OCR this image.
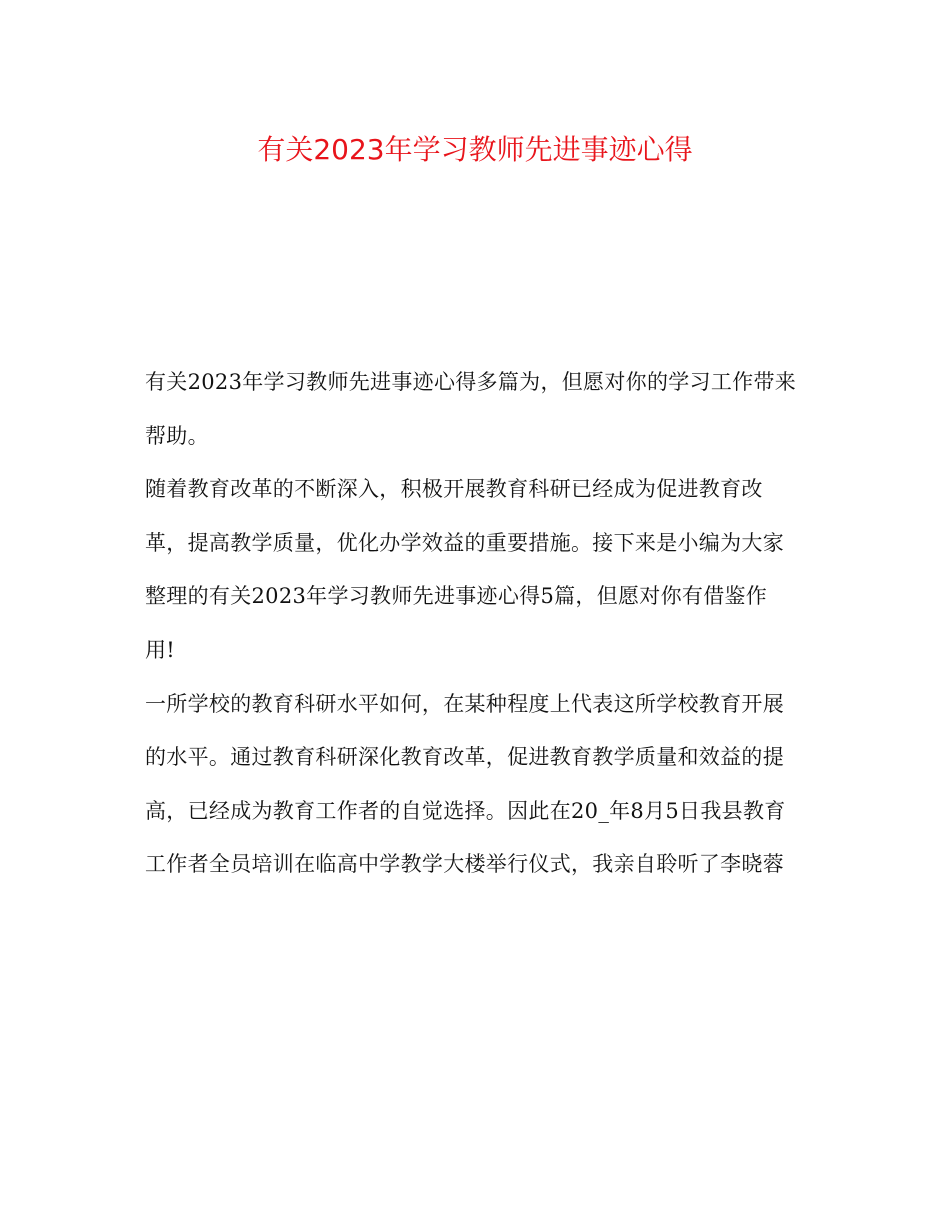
有关2023年学习教师先进事迹心得
有关2023年学习教师先进事迹心得多篇为，但愿对你的学习工作带来
帮助。
随着教育改革的不断深入，积极开展教育科研已经成为促进教育改
革，提高教学质量，优化办学效益的重要措施。接下来是小编为大家
整理的有关2023年学习教师先进事迹心得5篇，但愿对你有借鉴作
用!
一所学校的教育科研水平如何，在某种程度上代表这所学校教育开展
的水平。通过教育科研深化教育改革，促进教育教学质量和效益的提
高，已经成为教育工作者的自觉选择。因此在20_年8月5日我县教育
工作者全员培训在临高中学教学大楼举行仪式，我亲自聆听了李晓蓉
